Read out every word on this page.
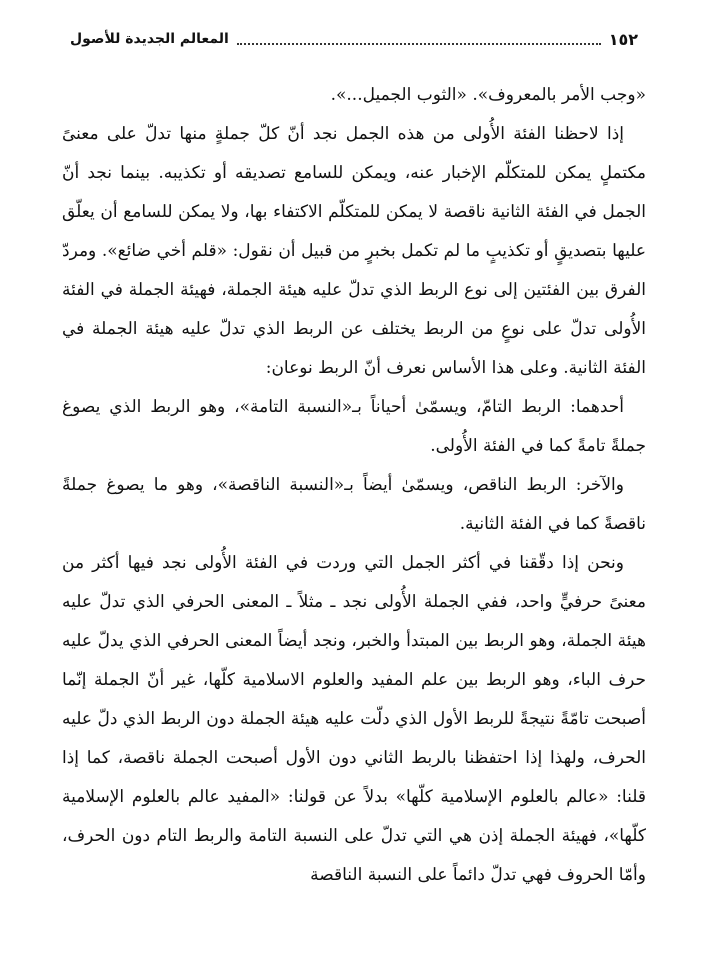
١٥٢
المعالم الجديدة للأصول

«وجب الأمر بالمعروف». «الثوب الجميل...».

إذا لاحظنا الفئة الأُولى من هذه الجمل نجد أنّ كلّ جملةٍ منها تدلّ على معنىً مكتملٍ يمكن للمتكلّم الإخبار عنه، ويمكن للسامع تصديقه أو تكذيبه. بينما نجد أنّ الجمل في الفئة الثانية ناقصة لا يمكن للمتكلّم الاكتفاء بها، ولا يمكن للسامع أن يعلّق عليها بتصديقٍ أو تكذيبٍ ما لم تكمل بخبرٍ من قبيل أن نقول: «قلم أخي ضائع». ومردّ الفرق بين الفئتين إلى نوع الربط الذي تدلّ عليه هيئة الجملة، فهيئة الجملة في الفئة الأُولى تدلّ على نوعٍ من الربط يختلف عن الربط الذي تدلّ عليه هيئة الجملة في الفئة الثانية. وعلى هذا الأساس نعرف أنّ الربط نوعان:

أحدهما: الربط التامّ، ويسمّىٰ أحياناً بـ«النسبة التامة»، وهو الربط الذي يصوغ جملةً تامةً كما في الفئة الأُولى.

والآخر: الربط الناقص، ويسمّىٰ أيضاً بـ«النسبة الناقصة»، وهو ما يصوغ جملةً ناقصةً كما في الفئة الثانية.

ونحن إذا دقّقنا في أكثر الجمل التي وردت في الفئة الأُولى نجد فيها أكثر من معنىً حرفيٍّ واحد، ففي الجملة الأُولى نجد ـ مثلاً ـ المعنى الحرفي الذي تدلّ عليه هيئة الجملة، وهو الربط بين المبتدأ والخبر، ونجد أيضاً المعنى الحرفي الذي يدلّ عليه حرف الباء، وهو الربط بين علم المفيد والعلوم الاسلامية كلّها، غير أنّ الجملة إنّما أصبحت تامّةً نتيجةً للربط الأول الذي دلّت عليه هيئة الجملة دون الربط الذي دلّ عليه الحرف، ولهذا إذا احتفظنا بالربط الثاني دون الأول أصبحت الجملة ناقصة، كما إذا قلنا: «عالم بالعلوم الإسلامية كلّها» بدلاً عن قولنا: «المفيد عالم بالعلوم الإسلامية كلّها»، فهيئة الجملة إذن هي التي تدلّ على النسبة التامة والربط التام دون الحرف، وأمّا الحروف فهي تدلّ دائماً على النسبة الناقصة
